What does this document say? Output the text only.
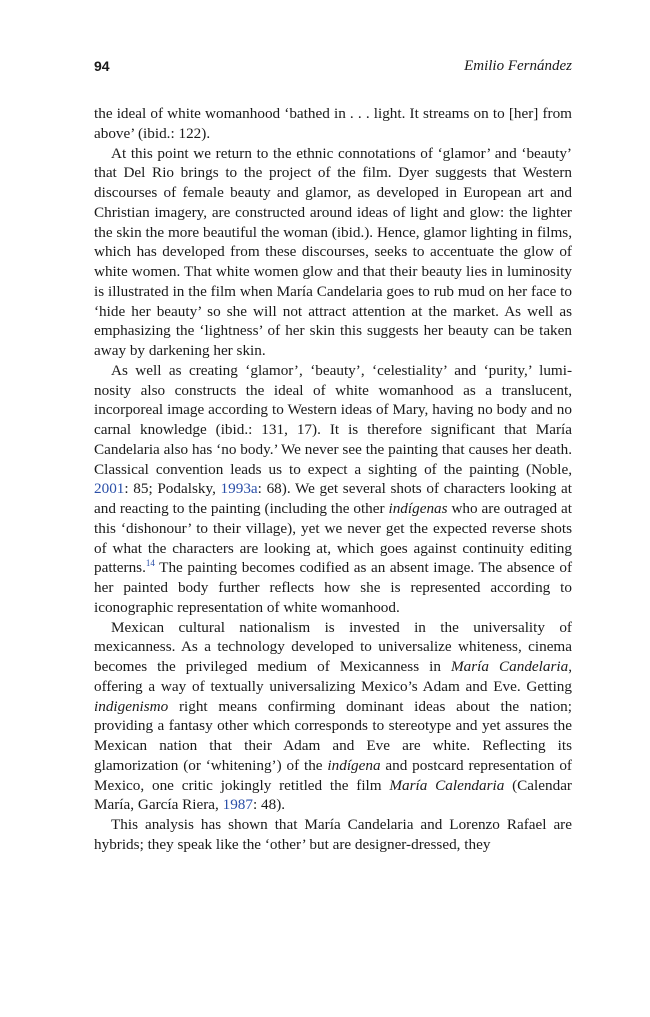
94	Emilio Fernández

the ideal of white womanhood ‘bathed in . . . light. It streams on to [her] from above’ (ibid.: 122).

At this point we return to the ethnic connotations of ‘glamor’ and ‘beauty’ that Del Rio brings to the project of the film. Dyer suggests that Western discourses of female beauty and glamor, as developed in European art and Christian imagery, are constructed around ideas of light and glow: the lighter the skin the more beautiful the woman (ibid.). Hence, glamor lighting in films, which has developed from these discourses, seeks to accentuate the glow of white women. That white women glow and that their beauty lies in luminosity is illustrated in the film when María Candelaria goes to rub mud on her face to ‘hide her beauty’ so she will not attract attention at the market. As well as emphasizing the ‘lightness’ of her skin this suggests her beauty can be taken away by darkening her skin.

As well as creating ‘glamor’, ‘beauty’, ‘celestiality’ and ‘purity,’ lumi-nosity also constructs the ideal of white womanhood as a translucent, incorporeal image according to Western ideas of Mary, having no body and no carnal knowledge (ibid.: 131, 17). It is therefore significant that María Candelaria also has ‘no body.’ We never see the painting that causes her death. Classical convention leads us to expect a sighting of the painting (Noble, 2001: 85; Podalsky, 1993a: 68). We get several shots of characters looking at and reacting to the painting (including the other indígenas who are outraged at this ‘dishonour’ to their village), yet we never get the expected reverse shots of what the characters are looking at, which goes against continuity editing patterns.$^{14}$ The painting becomes codified as an absent image. The absence of her painted body further reflects how she is represented according to iconographic representation of white womanhood.

Mexican cultural nationalism is invested in the universality of mexicanness. As a technology developed to universalize whiteness, cinema becomes the privileged medium of Mexicanness in María Candelaria, offering a way of textually universalizing Mexico’s Adam and Eve. Getting indigenismo right means confirming dominant ideas about the nation; providing a fantasy other which corresponds to stereotype and yet assures the Mexican nation that their Adam and Eve are white. Reflecting its glamorization (or ‘whitening’) of the indígena and postcard representation of Mexico, one critic jokingly retitled the film María Calendaria (Calendar María, García Riera, 1987: 48).

This analysis has shown that María Candelaria and Lorenzo Rafael are hybrids; they speak like the ‘other’ but are designer-dressed, they
